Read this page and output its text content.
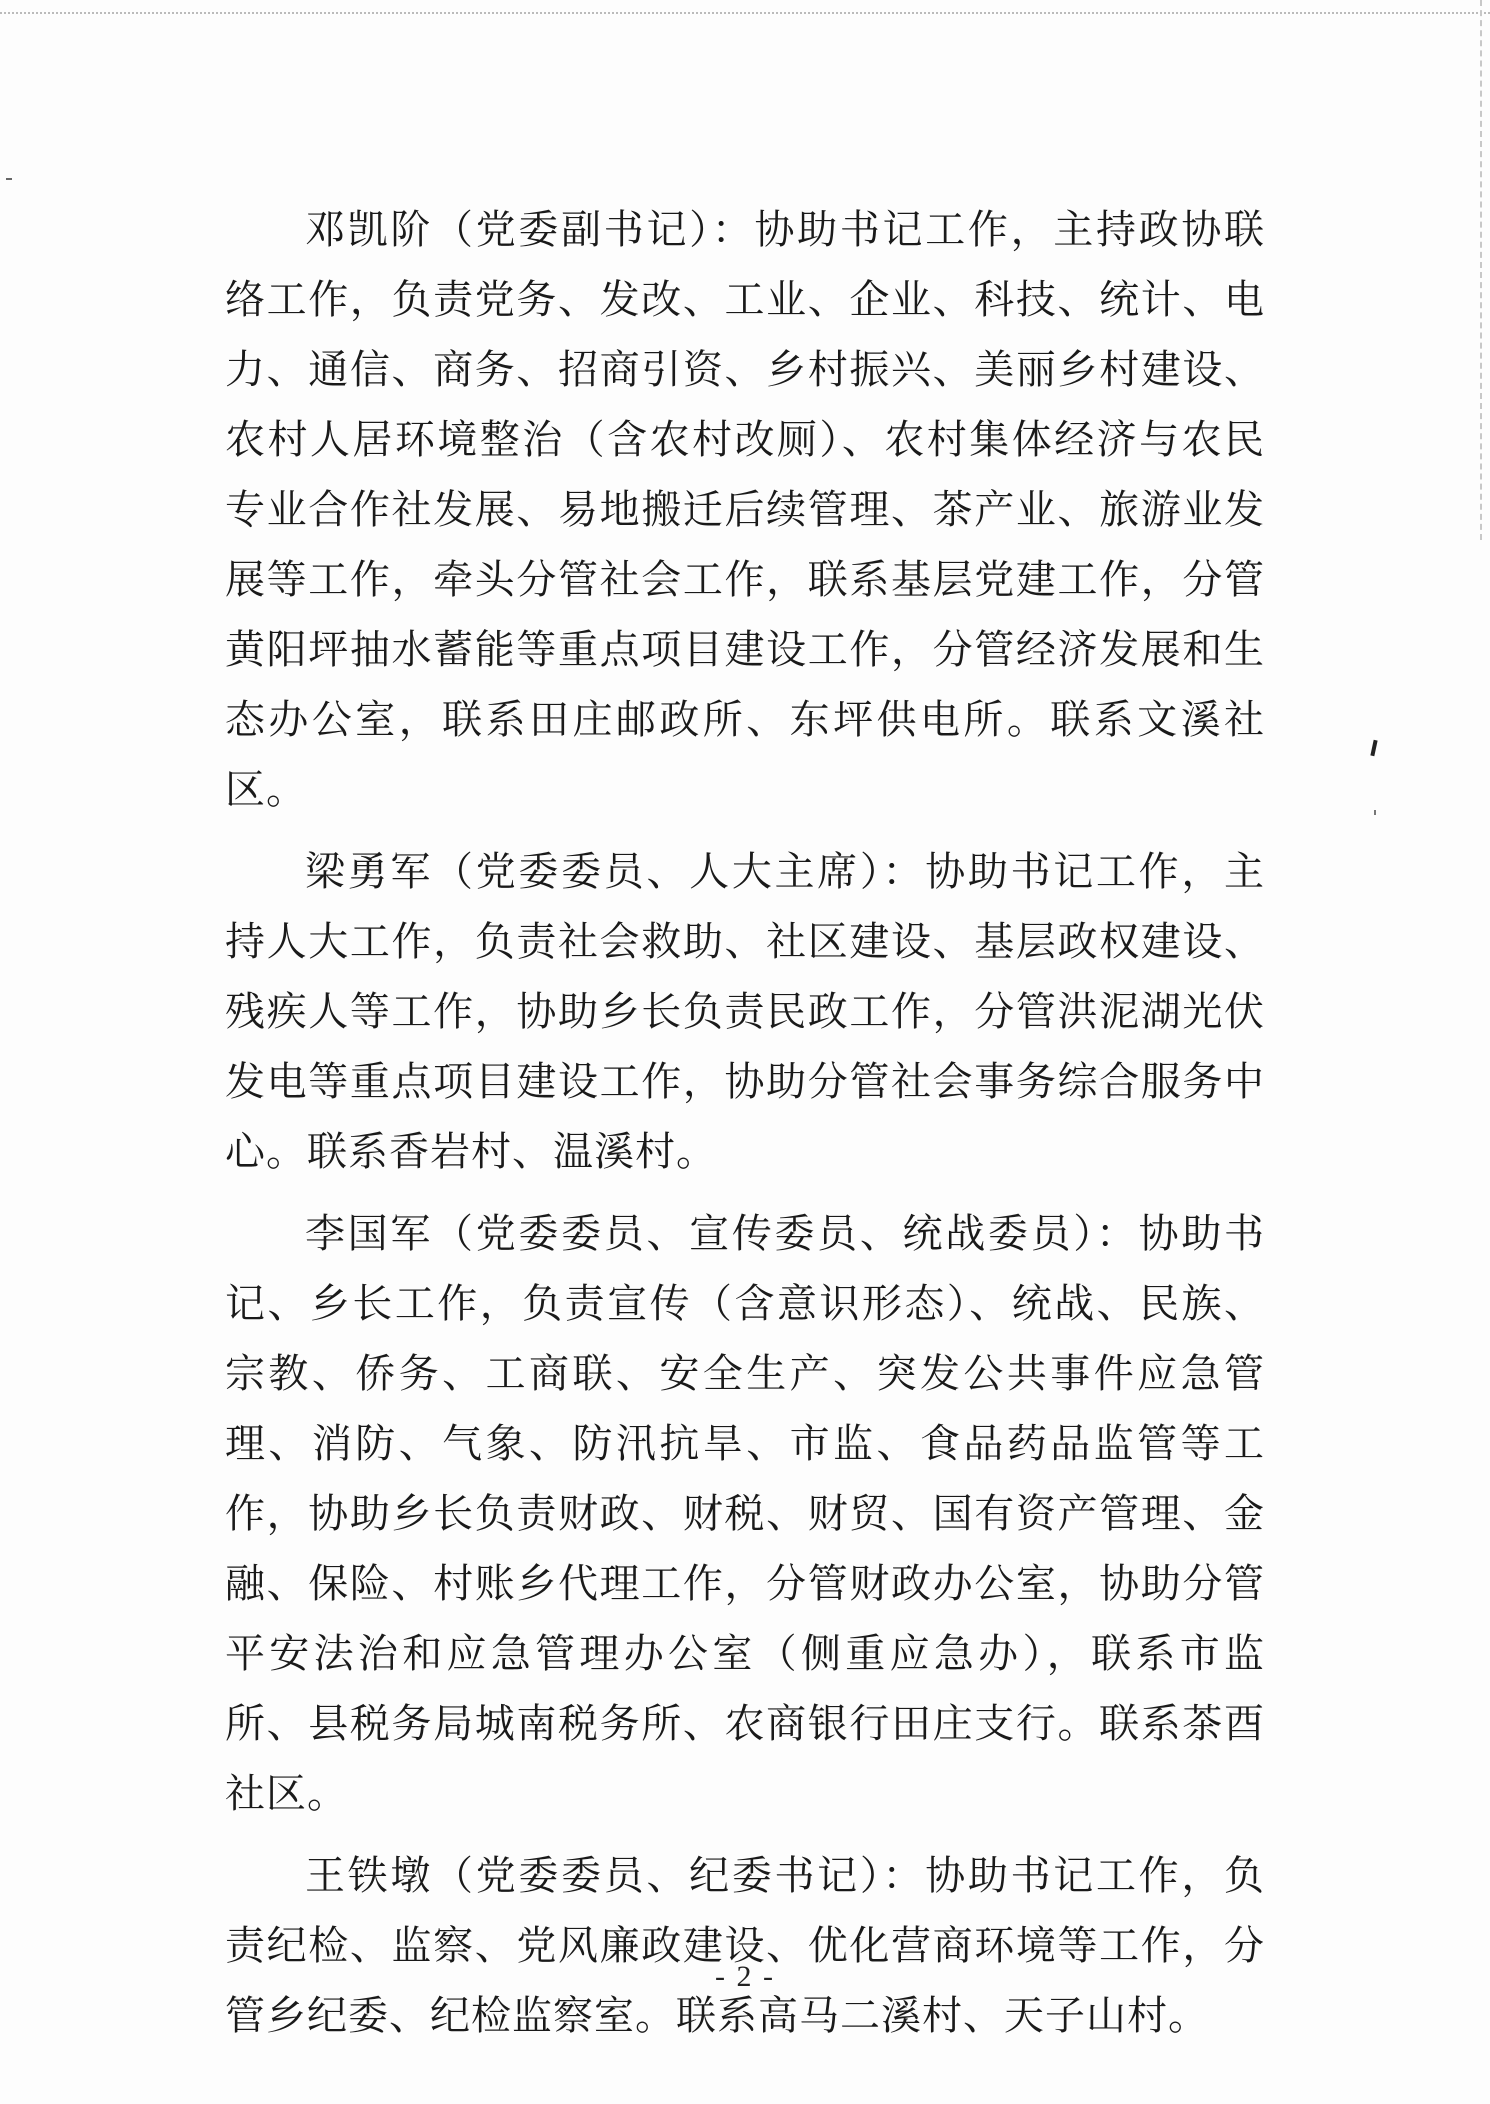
邓凯阶（党委副书记）：协助书记工作，主持政协联络工作，负责党务、发改、工业、企业、科技、统计、电力、通信、商务、招商引资、乡村振兴、美丽乡村建设、农村人居环境整治（含农村改厕）、农村集体经济与农民专业合作社发展、易地搬迁后续管理、茶产业、旅游业发展等工作，牵头分管社会工作，联系基层党建工作，分管黄阳坪抽水蓄能等重点项目建设工作，分管经济发展和生态办公室，联系田庄邮政所、东坪供电所。联系文溪社区。

梁勇军（党委委员、人大主席）：协助书记工作，主持人大工作，负责社会救助、社区建设、基层政权建设、残疾人等工作，协助乡长负责民政工作，分管洪泥湖光伏发电等重点项目建设工作，协助分管社会事务综合服务中心。联系香岩村、温溪村。

李国军（党委委员、宣传委员、统战委员）：协助书记、乡长工作，负责宣传（含意识形态）、统战、民族、宗教、侨务、工商联、安全生产、突发公共事件应急管理、消防、气象、防汛抗旱、市监、食品药品监管等工作，协助乡长负责财政、财税、财贸、国有资产管理、金融、保险、村账乡代理工作，分管财政办公室，协助分管平安法治和应急管理办公室（侧重应急办），联系市监所、县税务局城南税务所、农商银行田庄支行。联系茶酉社区。

王铁墩（党委委员、纪委书记）：协助书记工作，负责纪检、监察、党风廉政建设、优化营商环境等工作，分管乡纪委、纪检监察室。联系高马二溪村、天子山村。

- 2 -
